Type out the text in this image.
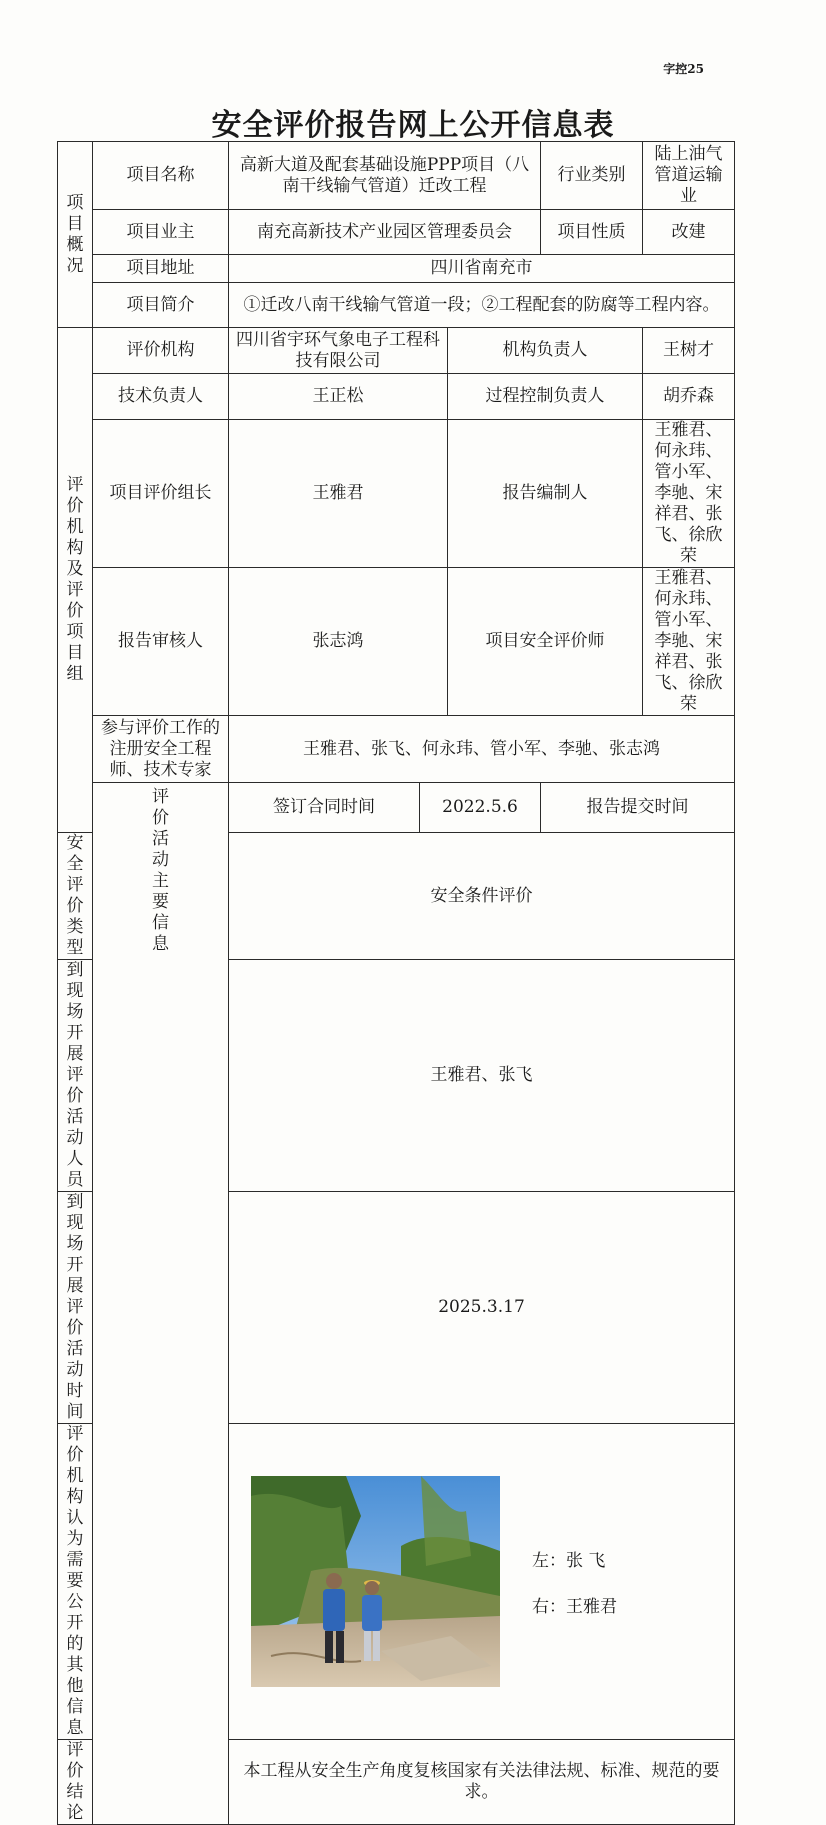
字控25
安全评价报告网上公开信息表
项目概况	项目名称	高新大道及配套基础设施PPP项目（八南干线输气管道）迁改工程			行业类别	陆上油气管道运输业	
	项目业主	南充高新技术产业园区管理委员会			项目性质	改建	
	项目地址	四川省南充市					
	项目简介	①迁改八南干线输气管道一段；②工程配套的防腐等工程内容。					
评价机构及评价项目组	评价机构	四川省宇环气象电子工程科技有限公司		机构负责人		王树才	
	技术负责人	王正松		过程控制负责人		胡乔森	
	项目评价组长	王雅君		报告编制人		王雅君、何永玮、管小军、李驰、宋祥君、张飞、徐欣荣	
	报告审核人	张志鸿		项目安全评价师		王雅君、何永玮、管小军、李驰、宋祥君、张飞、徐欣荣	
	参与评价工作的注册安全工程师、技术专家	王雅君、张飞、何永玮、管小军、李驰、张志鸿					
	评价活动主要信息	签订合同时间	2022.5.6		报告提交时间	
安全评价类型		安全条件评价					
到现场开展评价活动人员		王雅君、张飞					
到现场开展评价活动时间		2025.3.17					
评价机构认为需要公开的其他信息		左：张 飞
右：王雅君					

评价结论		本工程从安全生产角度复核国家有关法律法规、标准、规范的要求。					
